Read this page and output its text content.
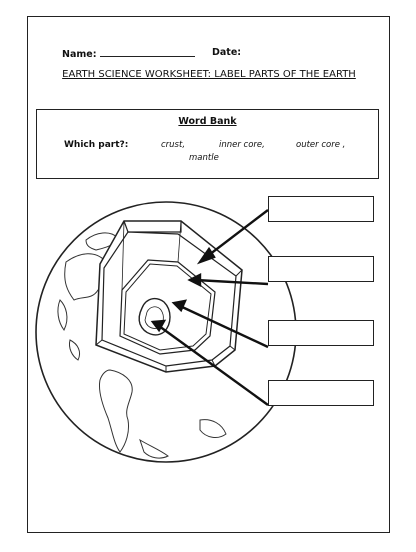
Name:	Date:
EARTH SCIENCE WORKSHEET: LABEL PARTS OF THE EARTH
Word Bank
Which part?:	crust,	inner core,	outer core ,
mantle
